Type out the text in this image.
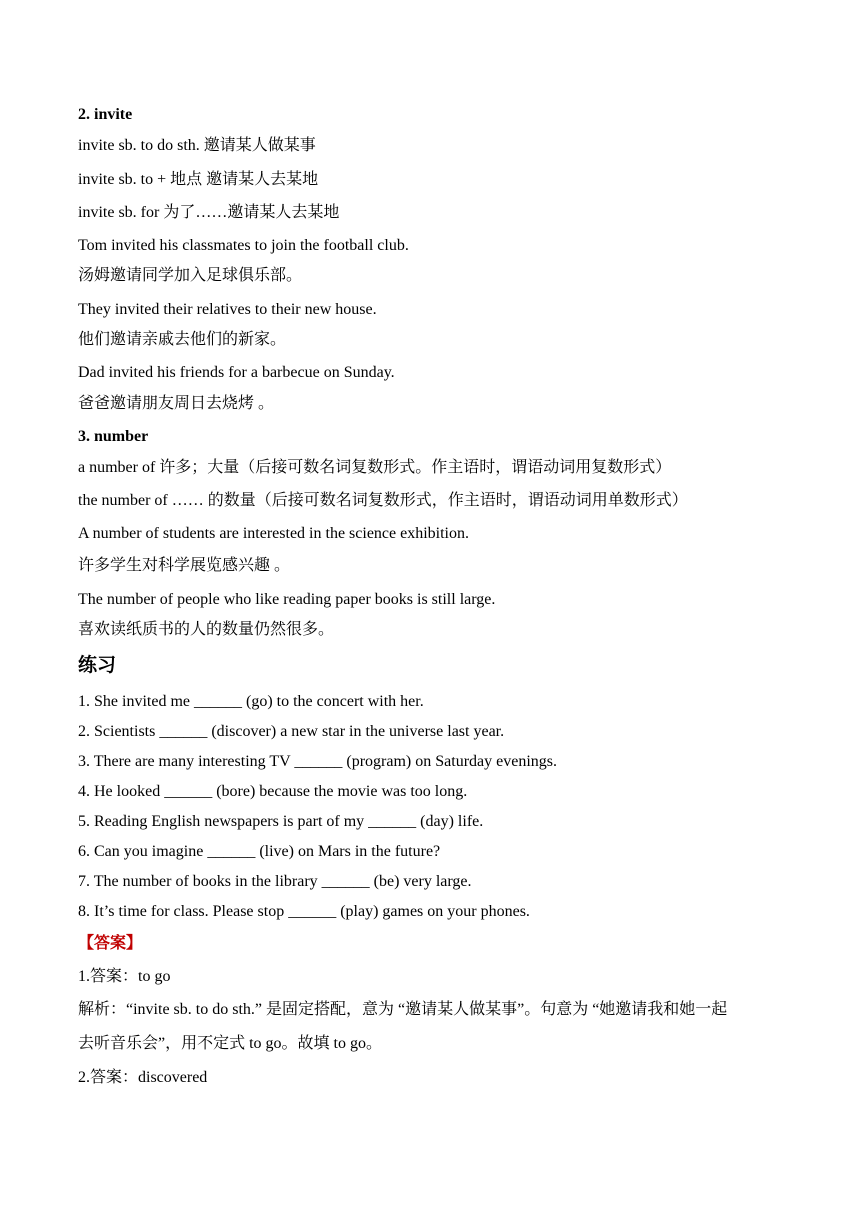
2. invite
invite sb. to do sth. 邀请某人做某事
invite sb. to + 地点 邀请某人去某地
invite sb. for 为了……邀请某人去某地
Tom invited his classmates to join the football club.
汤姆邀请同学加入足球俱乐部。
They invited their relatives to their new house.
他们邀请亲戚去他们的新家。
Dad invited his friends for a barbecue on Sunday.
爸爸邀请朋友周日去烧烤 。
3. number
a number of 许多；大量（后接可数名词复数形式。作主语时，谓语动词用复数形式）
the number of …… 的数量（后接可数名词复数形式，作主语时，谓语动词用单数形式）
A number of students are interested in the science exhibition.
许多学生对科学展览感兴趣 。
The number of people who like reading paper books is still large.
喜欢读纸质书的人的数量仍然很多。
练习
1. She invited me ______ (go) to the concert with her.
2. Scientists ______ (discover) a new star in the universe last year.
3. There are many interesting TV ______ (program) on Saturday evenings.
4. He looked ______ (bore) because the movie was too long.
5. Reading English newspapers is part of my ______ (day) life.
6. Can you imagine ______ (live) on Mars in the future?
7. The number of books in the library ______ (be) very large.
8. It’s time for class. Please stop ______ (play) games on your phones.
【答案】
1.答案：to go
解析：“invite sb. to do sth.” 是固定搭配，意为 “邀请某人做某事”。句意为 “她邀请我和她一起
去听音乐会”，用不定式 to go。故填 to go。
2.答案：discovered
